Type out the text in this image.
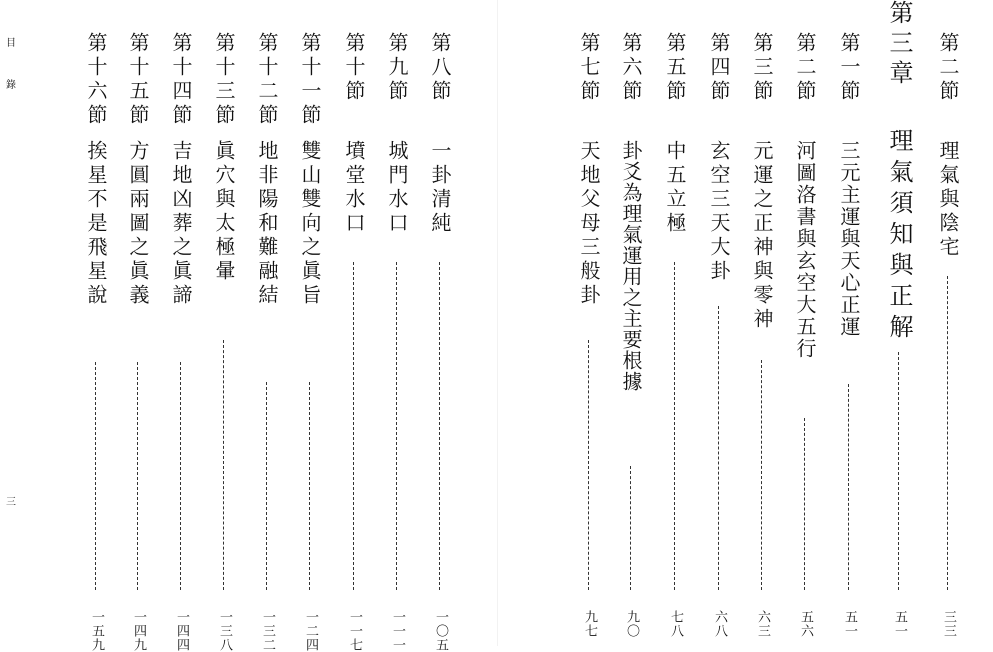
目
錄
三
第十六節
挨星不是飛星說
一五九
第十五節
方圓兩圖之眞義
一四九
第十四節
吉地凶葬之眞諦
一四四
第十三節
眞穴與太極暈
一三八
第十二節
地非陽和難融結
一三二
第十一節
雙山雙向之眞旨
一二四
第十節
墳堂水口
一一七
第九節
城門水口
一一一
第八節
一卦清純
一〇五
第七節
天地父母三般卦
九七
第六節
卦爻為理氣運用之主要根據
九〇
第五節
中五立極
七八
第四節
玄空三天大卦
六八
第三節
元運之正神與零神
六三
第二節
河圖洛書與玄空大五行
五六
第一節
三元主運與天心正運
五一
第三章
理氣須知與正解
五一
第二節
理氣與陰宅
三三
